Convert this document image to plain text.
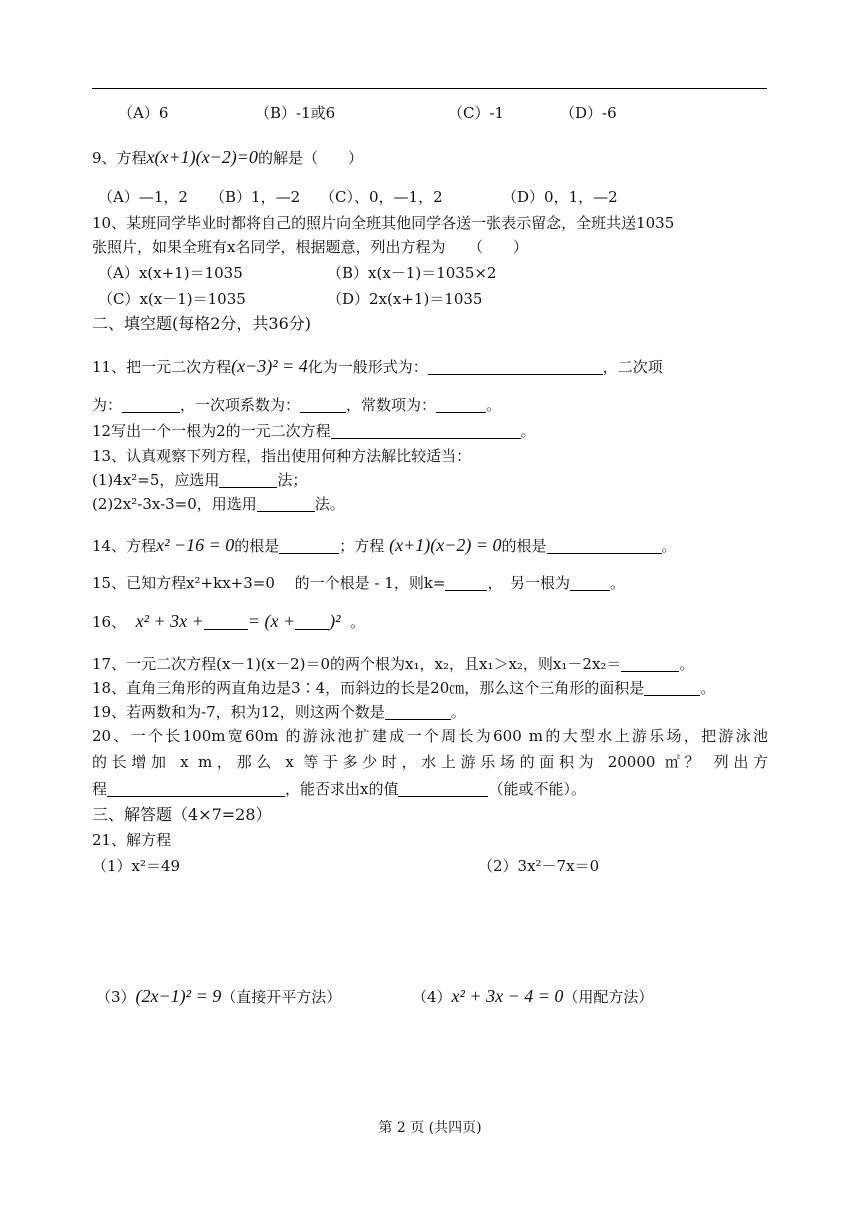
（A）6	（B）-1或6	（C）-1	（D）-6
9、方程x(x+1)(x−2)=0的解是（　　）
（A）—1，2 （B）1，—2 （C）、0，—1，2	（D）0，1，—2
10、某班同学毕业时都将自己的照片向全班其他同学各送一张表示留念，全班共送1035
张照片，如果全班有x名同学，根据题意，列出方程为　　（　　）
（A）x(x+1)＝1035	（B）x(x－1)＝1035×2
（C）x(x－1)＝1035	（D）2x(x+1)＝1035
二、填空题(每格2分，共36分)
11、把一元二次方程(x−3)² = 4化为一般形式为：	，二次项
为：	，一次项系数为：	，常数项为：	。
12写出一个一根为2的一元二次方程	。
13、认真观察下列方程，指出使用何种方法解比较适当：
(1)4x²=5，应选用	法；
(2)2x²-3x-3=0，用选用	法。
14、方程x² −16 = 0的根是	；方程 (x+1)(x−2) = 0的根是	。
15、已知方程x²+kx+3=0　 的一个根是 - 1，则k=	，　另一根为	。
16、 x² + 3x + = (x + )² 。
17、一元二次方程(x－1)(x－2)＝0的两个根为x₁，x₂，且x₁＞x₂，则x₁－2x₂＝	。
18、直角三角形的两直角边是3∶4，而斜边的长是20㎝，那么这个三角形的面积是	。
19、若两数和为-7，积为12，则这两个数是	。
20、一个长100m宽60m 的游泳池扩建成一个周长为600 m的大型水上游乐场，把游泳池
的长增加 x m，那么 x 等于多少时，水上游乐场的面积为 20000 ㎡？ 列出方
程	，能否求出x的值	（能或不能）。
三、解答题（4×7=28）
21、解方程
（1）x²＝49	（2）3x²－7x＝0
（3）(2x−1)² = 9（直接开平方法）	（4）x² + 3x − 4 = 0（用配方法）
第 2 页 (共四页)
